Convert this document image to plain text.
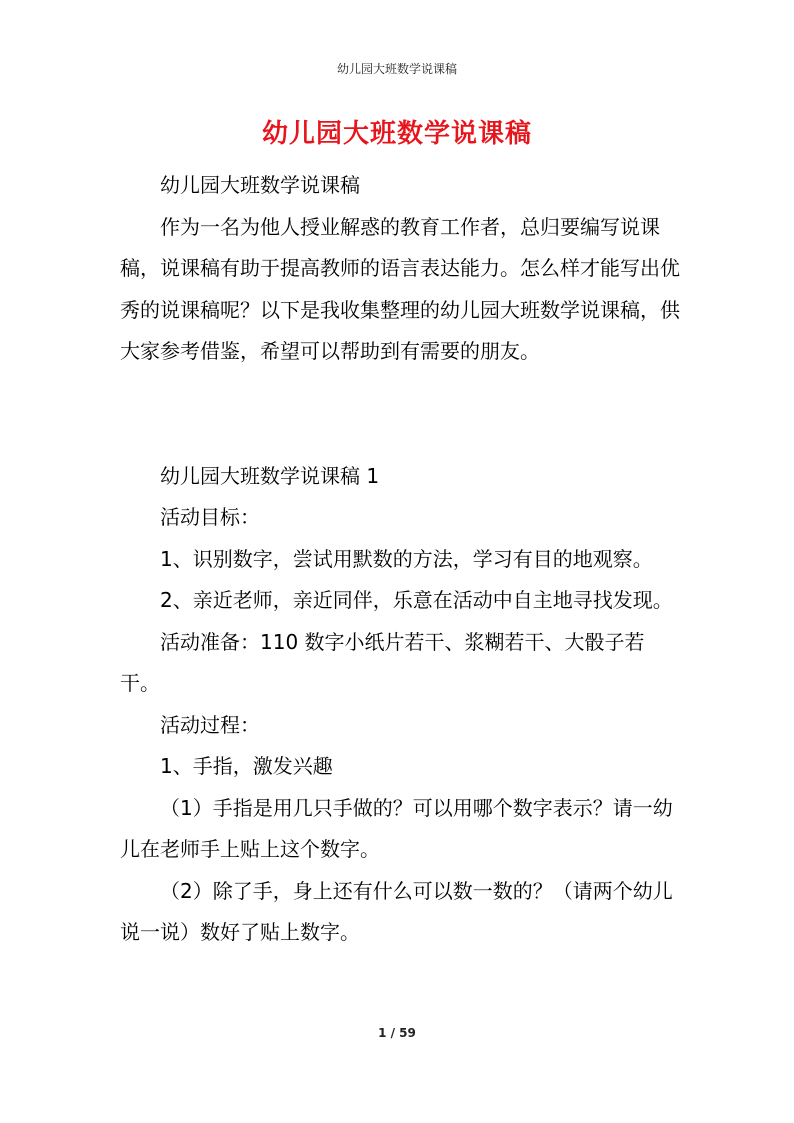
幼儿园大班数学说课稿
幼儿园大班数学说课稿

幼儿园大班数学说课稿

作为一名为他人授业解惑的教育工作者，总归要编写说课稿，说课稿有助于提高教师的语言表达能力。怎么样才能写出优秀的说课稿呢？以下是我收集整理的幼儿园大班数学说课稿，供大家参考借鉴，希望可以帮助到有需要的朋友。

幼儿园大班数学说课稿 1

活动目标：

1、识别数字，尝试用默数的方法，学习有目的地观察。

2、亲近老师，亲近同伴，乐意在活动中自主地寻找发现。

活动准备：110 数字小纸片若干、浆糊若干、大骰子若干。

活动过程：

1、手指，激发兴趣

（1）手指是用几只手做的？可以用哪个数字表示？请一幼儿在老师手上贴上这个数字。

（2）除了手，身上还有什么可以数一数的？（请两个幼儿说一说）数好了贴上数字。

1 / 59
